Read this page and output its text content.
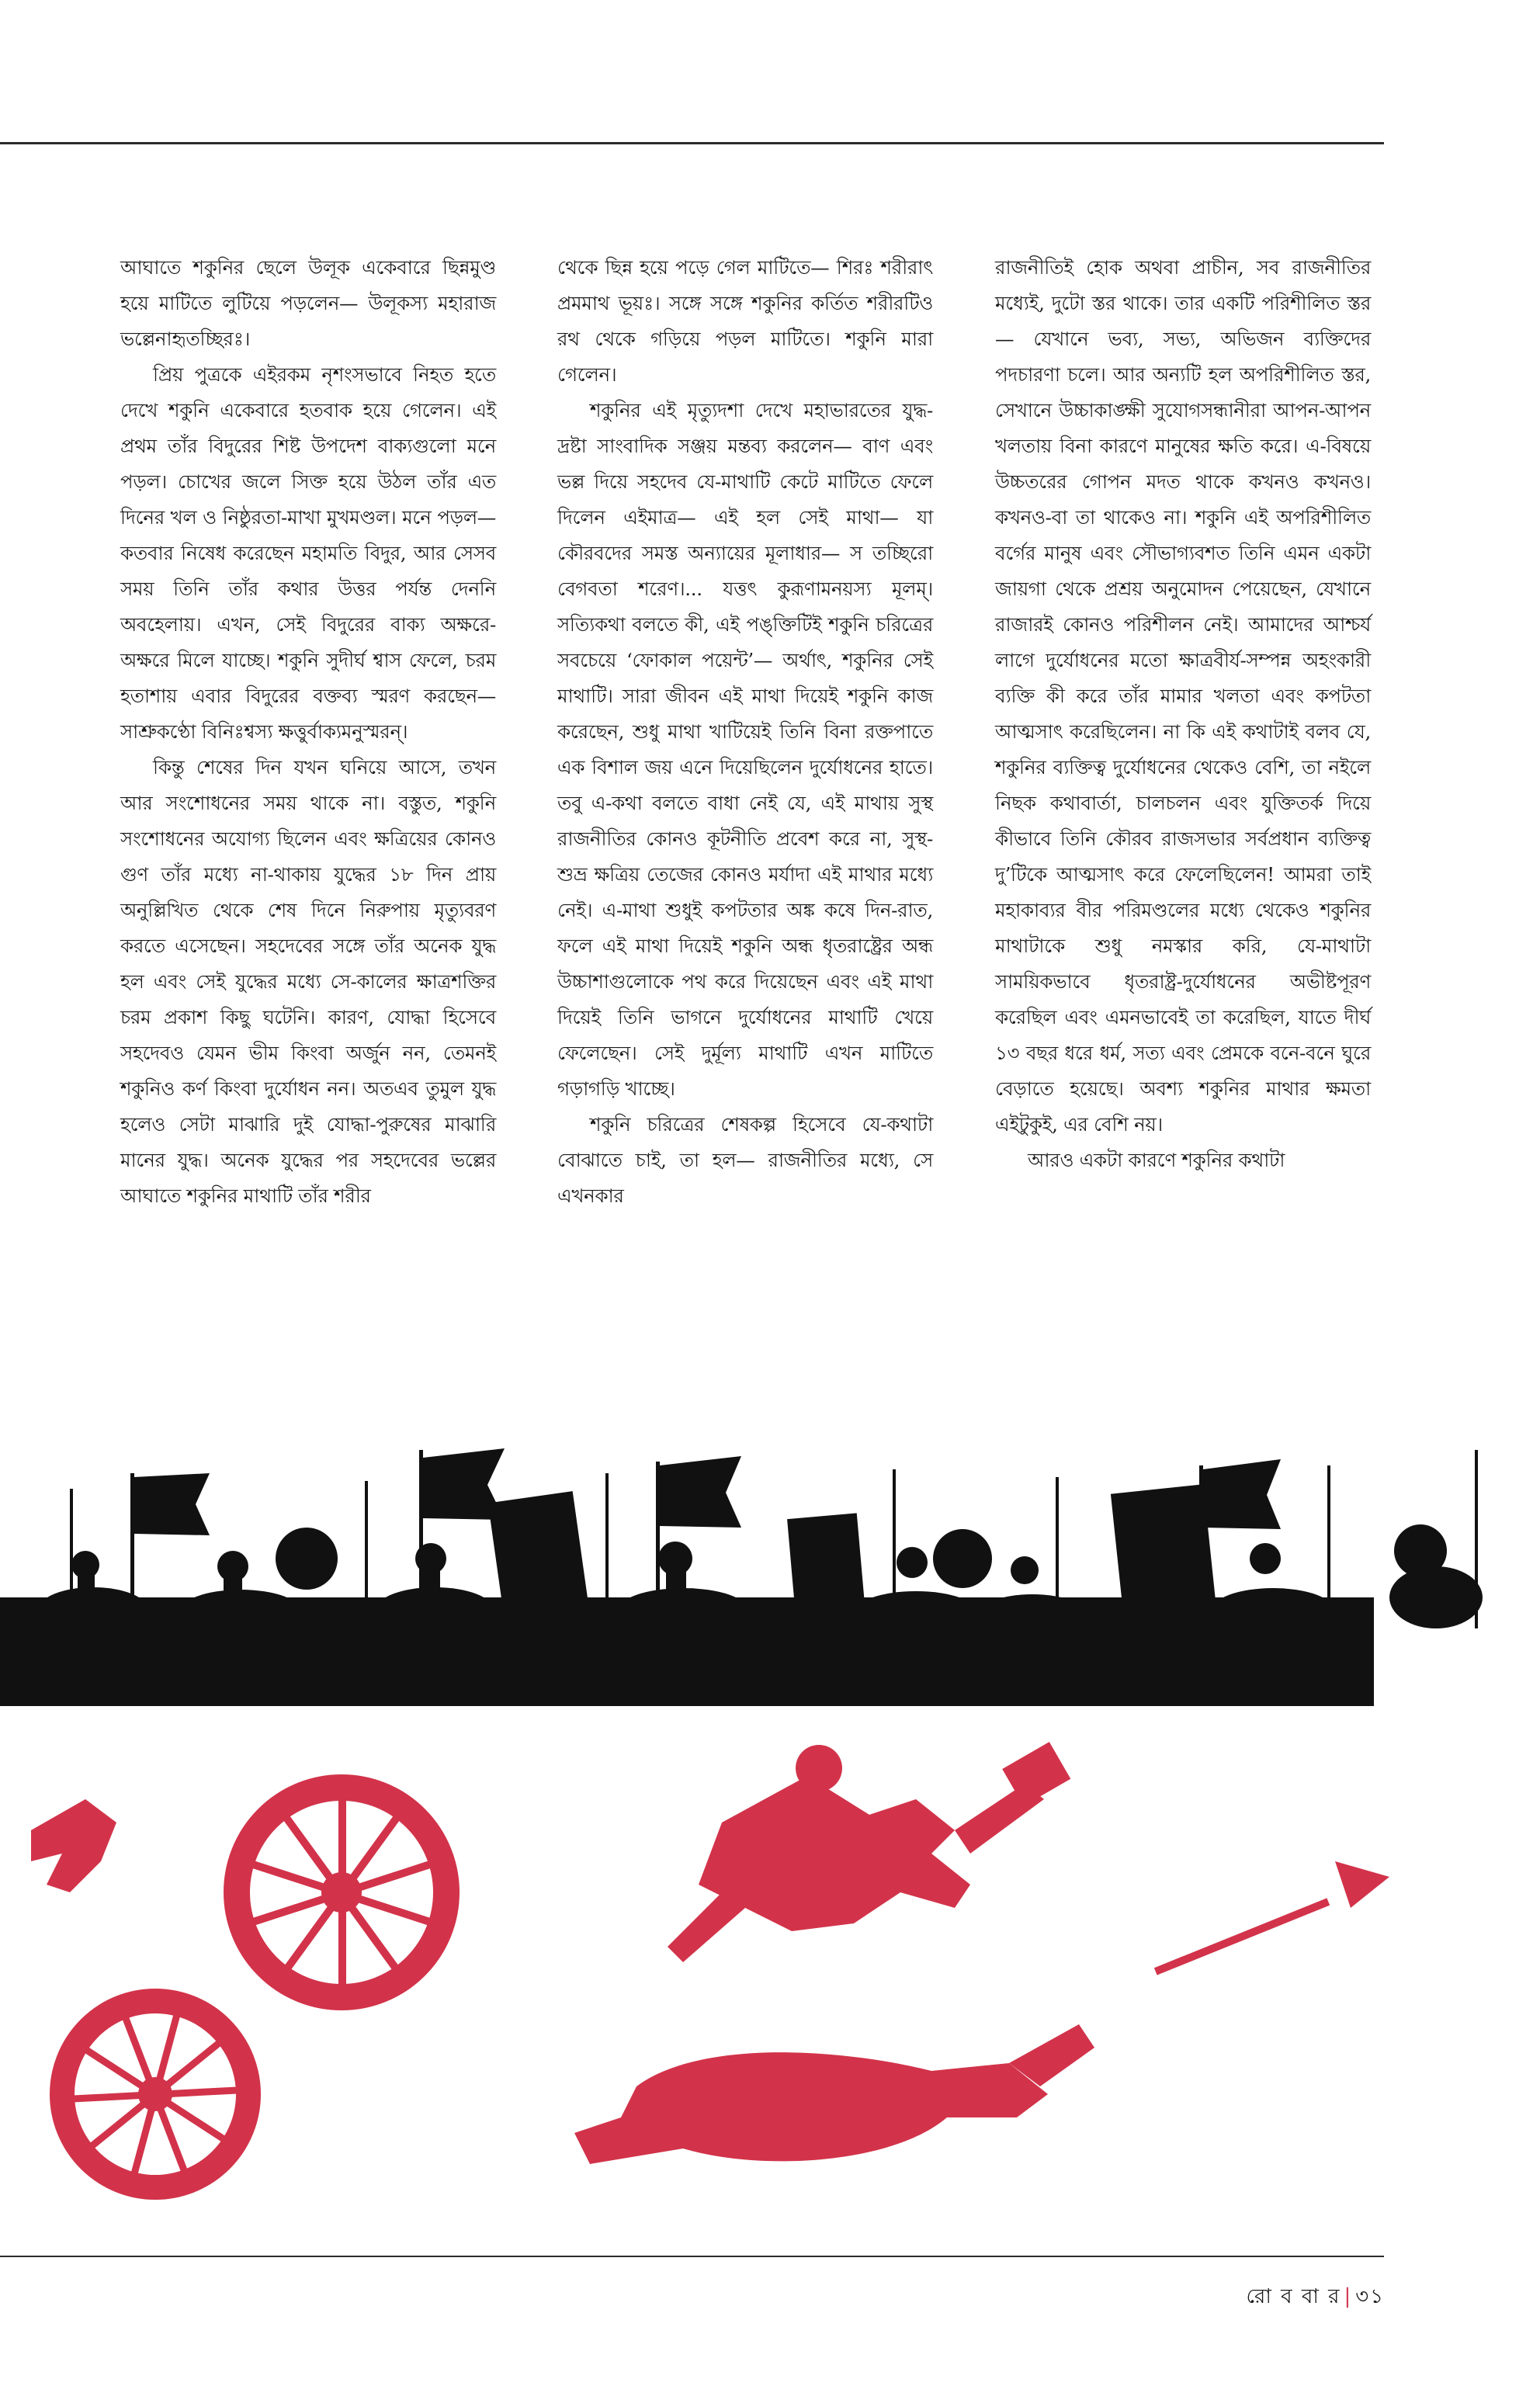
আঘাতে শকুনির ছেলে উলূক একেবারে ছিন্নমুণ্ড হয়ে মাটিতে লুটিয়ে পড়লেন— উলূকস্য মহারাজ ভল্লেনাহৃতচ্ছিরঃ।

প্রিয় পুত্রকে এইরকম নৃশংসভাবে নিহত হতে দেখে শকুনি একেবারে হতবাক হয়ে গেলেন। এই প্রথম তাঁর বিদুরের শিষ্ট উপদেশ বাক্যগুলো মনে পড়ল। চোখের জলে সিক্ত হয়ে উঠল তাঁর এত দিনের খল ও নিষ্ঠুরতা-মাখা মুখমণ্ডল। মনে পড়ল— কতবার নিষেধ করেছেন মহামতি বিদুর, আর সেসব সময় তিনি তাঁর কথার উত্তর পর্যন্ত দেননি অবহেলায়। এখন, সেই বিদুরের বাক্য অক্ষরে-অক্ষরে মিলে যাচ্ছে। শকুনি সুদীর্ঘ শ্বাস ফেলে, চরম হতাশায় এবার বিদুরের বক্তব্য স্মরণ করছেন— সাশ্রুকণ্ঠো বিনিঃশ্বস্য ক্ষত্তুর্বাক্যমনুস্মরন্।

কিন্তু শেষের দিন যখন ঘনিয়ে আসে, তখন আর সংশোধনের সময় থাকে না। বস্তুত, শকুনি সংশোধনের অযোগ্য ছিলেন এবং ক্ষত্রিয়ের কোনও গুণ তাঁর মধ্যে না-থাকায় যুদ্ধের ১৮ দিন প্রায় অনুল্লিখিত থেকে শেষ দিনে নিরুপায় মৃত্যুবরণ করতে এসেছেন। সহদেবের সঙ্গে তাঁর অনেক যুদ্ধ হল এবং সেই যুদ্ধের মধ্যে সে-কালের ক্ষাত্রশক্তির চরম প্রকাশ কিছু ঘটেনি। কারণ, যোদ্ধা হিসেবে সহদেবও যেমন ভীম কিংবা অর্জুন নন, তেমনই শকুনিও কর্ণ কিংবা দুর্যোধন নন। অতএব তুমুল যুদ্ধ হলেও সেটা মাঝারি দুই যোদ্ধা-পুরুষের মাঝারি মানের যুদ্ধ। অনেক যুদ্ধের পর সহদেবের ভল্লের আঘাতে শকুনির মাথাটি তাঁর শরীর

থেকে ছিন্ন হয়ে পড়ে গেল মাটিতে— শিরঃ শরীরাৎ প্রমমাথ ভূয়ঃ। সঙ্গে সঙ্গে শকুনির কর্তিত শরীরটিও রথ থেকে গড়িয়ে পড়ল মাটিতে। শকুনি মারা গেলেন।

শকুনির এই মৃত্যুদশা দেখে মহাভারতের যুদ্ধ-দ্রষ্টা সাংবাদিক সঞ্জয় মন্তব্য করলেন— বাণ এবং ভল্ল দিয়ে সহদেব যে-মাথাটি কেটে মাটিতে ফেলে দিলেন এইমাত্র— এই হল সেই মাথা— যা কৌরবদের সমস্ত অন্যায়ের মূলাধার— স তচ্ছিরো বেগবতা শরেণ।... যত্তৎ কুরূণামনয়স্য মূলম্। সত্যিকথা বলতে কী, এই পঙ্‌ক্তিটিই শকুনি চরিত্রের সবচেয়ে ‘ফোকাল পয়েন্ট’— অর্থাৎ, শকুনির সেই মাথাটি। সারা জীবন এই মাথা দিয়েই শকুনি কাজ করেছেন, শুধু মাথা খাটিয়েই তিনি বিনা রক্তপাতে এক বিশাল জয় এনে দিয়েছিলেন দুর্যোধনের হাতে। তবু এ-কথা বলতে বাধা নেই যে, এই মাথায় সুস্থ রাজনীতির কোনও কূটনীতি প্রবেশ করে না, সুস্থ-শুভ্র ক্ষত্রিয় তেজের কোনও মর্যাদা এই মাথার মধ্যে নেই। এ-মাথা শুধুই কপটতার অঙ্ক কষে দিন-রাত, ফলে এই মাথা দিয়েই শকুনি অন্ধ ধৃতরাষ্ট্রের অন্ধ উচ্চাশাগুলোকে পথ করে দিয়েছেন এবং এই মাথা দিয়েই তিনি ভাগনে দুর্যোধনের মাথাটি খেয়ে ফেলেছেন। সেই দুর্মূল্য মাথাটি এখন মাটিতে গড়াগড়ি খাচ্ছে।

শকুনি চরিত্রের শেষকল্প হিসেবে যে-কথাটা বোঝাতে চাই, তা হল— রাজনীতির মধ্যে, সে এখনকার

রাজনীতিই হোক অথবা প্রাচীন, সব রাজনীতির মধ্যেই, দুটো স্তর থাকে। তার একটি পরিশীলিত স্তর— যেখানে ভব্য, সভ্য, অভিজন ব্যক্তিদের পদচারণা চলে। আর অন্যটি হল অপরিশীলিত স্তর, সেখানে উচ্চাকাঙ্ক্ষী সুযোগসন্ধানীরা আপন-আপন খলতায় বিনা কারণে মানুষের ক্ষতি করে। এ-বিষয়ে উচ্চতরের গোপন মদত থাকে কখনও কখনও। কখনও-বা তা থাকেও না। শকুনি এই অপরিশীলিত বর্গের মানুষ এবং সৌভাগ্যবশত তিনি এমন একটা জায়গা থেকে প্রশ্রয় অনুমোদন পেয়েছেন, যেখানে রাজারই কোনও পরিশীলন নেই। আমাদের আশ্চর্য লাগে দুর্যোধনের মতো ক্ষাত্রবীর্য-সম্পন্ন অহংকারী ব্যক্তি কী করে তাঁর মামার খলতা এবং কপটতা আত্মসাৎ করেছিলেন। না কি এই কথাটাই বলব যে, শকুনির ব্যক্তিত্ব দুর্যোধনের থেকেও বেশি, তা নইলে নিছক কথাবার্তা, চালচলন এবং যুক্তিতর্ক দিয়ে কীভাবে তিনি কৌরব রাজসভার সর্বপ্রধান ব্যক্তিত্ব দু’টিকে আত্মসাৎ করে ফেলেছিলেন! আমরা তাই মহাকাব্যর বীর পরিমণ্ডলের মধ্যে থেকেও শকুনির মাথাটাকে শুধু নমস্কার করি, যে-মাথাটা সাময়িকভাবে ধৃতরাষ্ট্র-দুর্যোধনের অভীষ্টপূরণ করেছিল এবং এমনভাবেই তা করেছিল, যাতে দীর্ঘ ১৩ বছর ধরে ধর্ম, সত্য এবং প্রেমকে বনে-বনে ঘুরে বেড়াতে হয়েছে। অবশ্য শকুনির মাথার ক্ষমতা এইটুকুই, এর বেশি নয়।

আরও একটা কারণে শকুনির কথাটা

রো ব বা র | ৩১
